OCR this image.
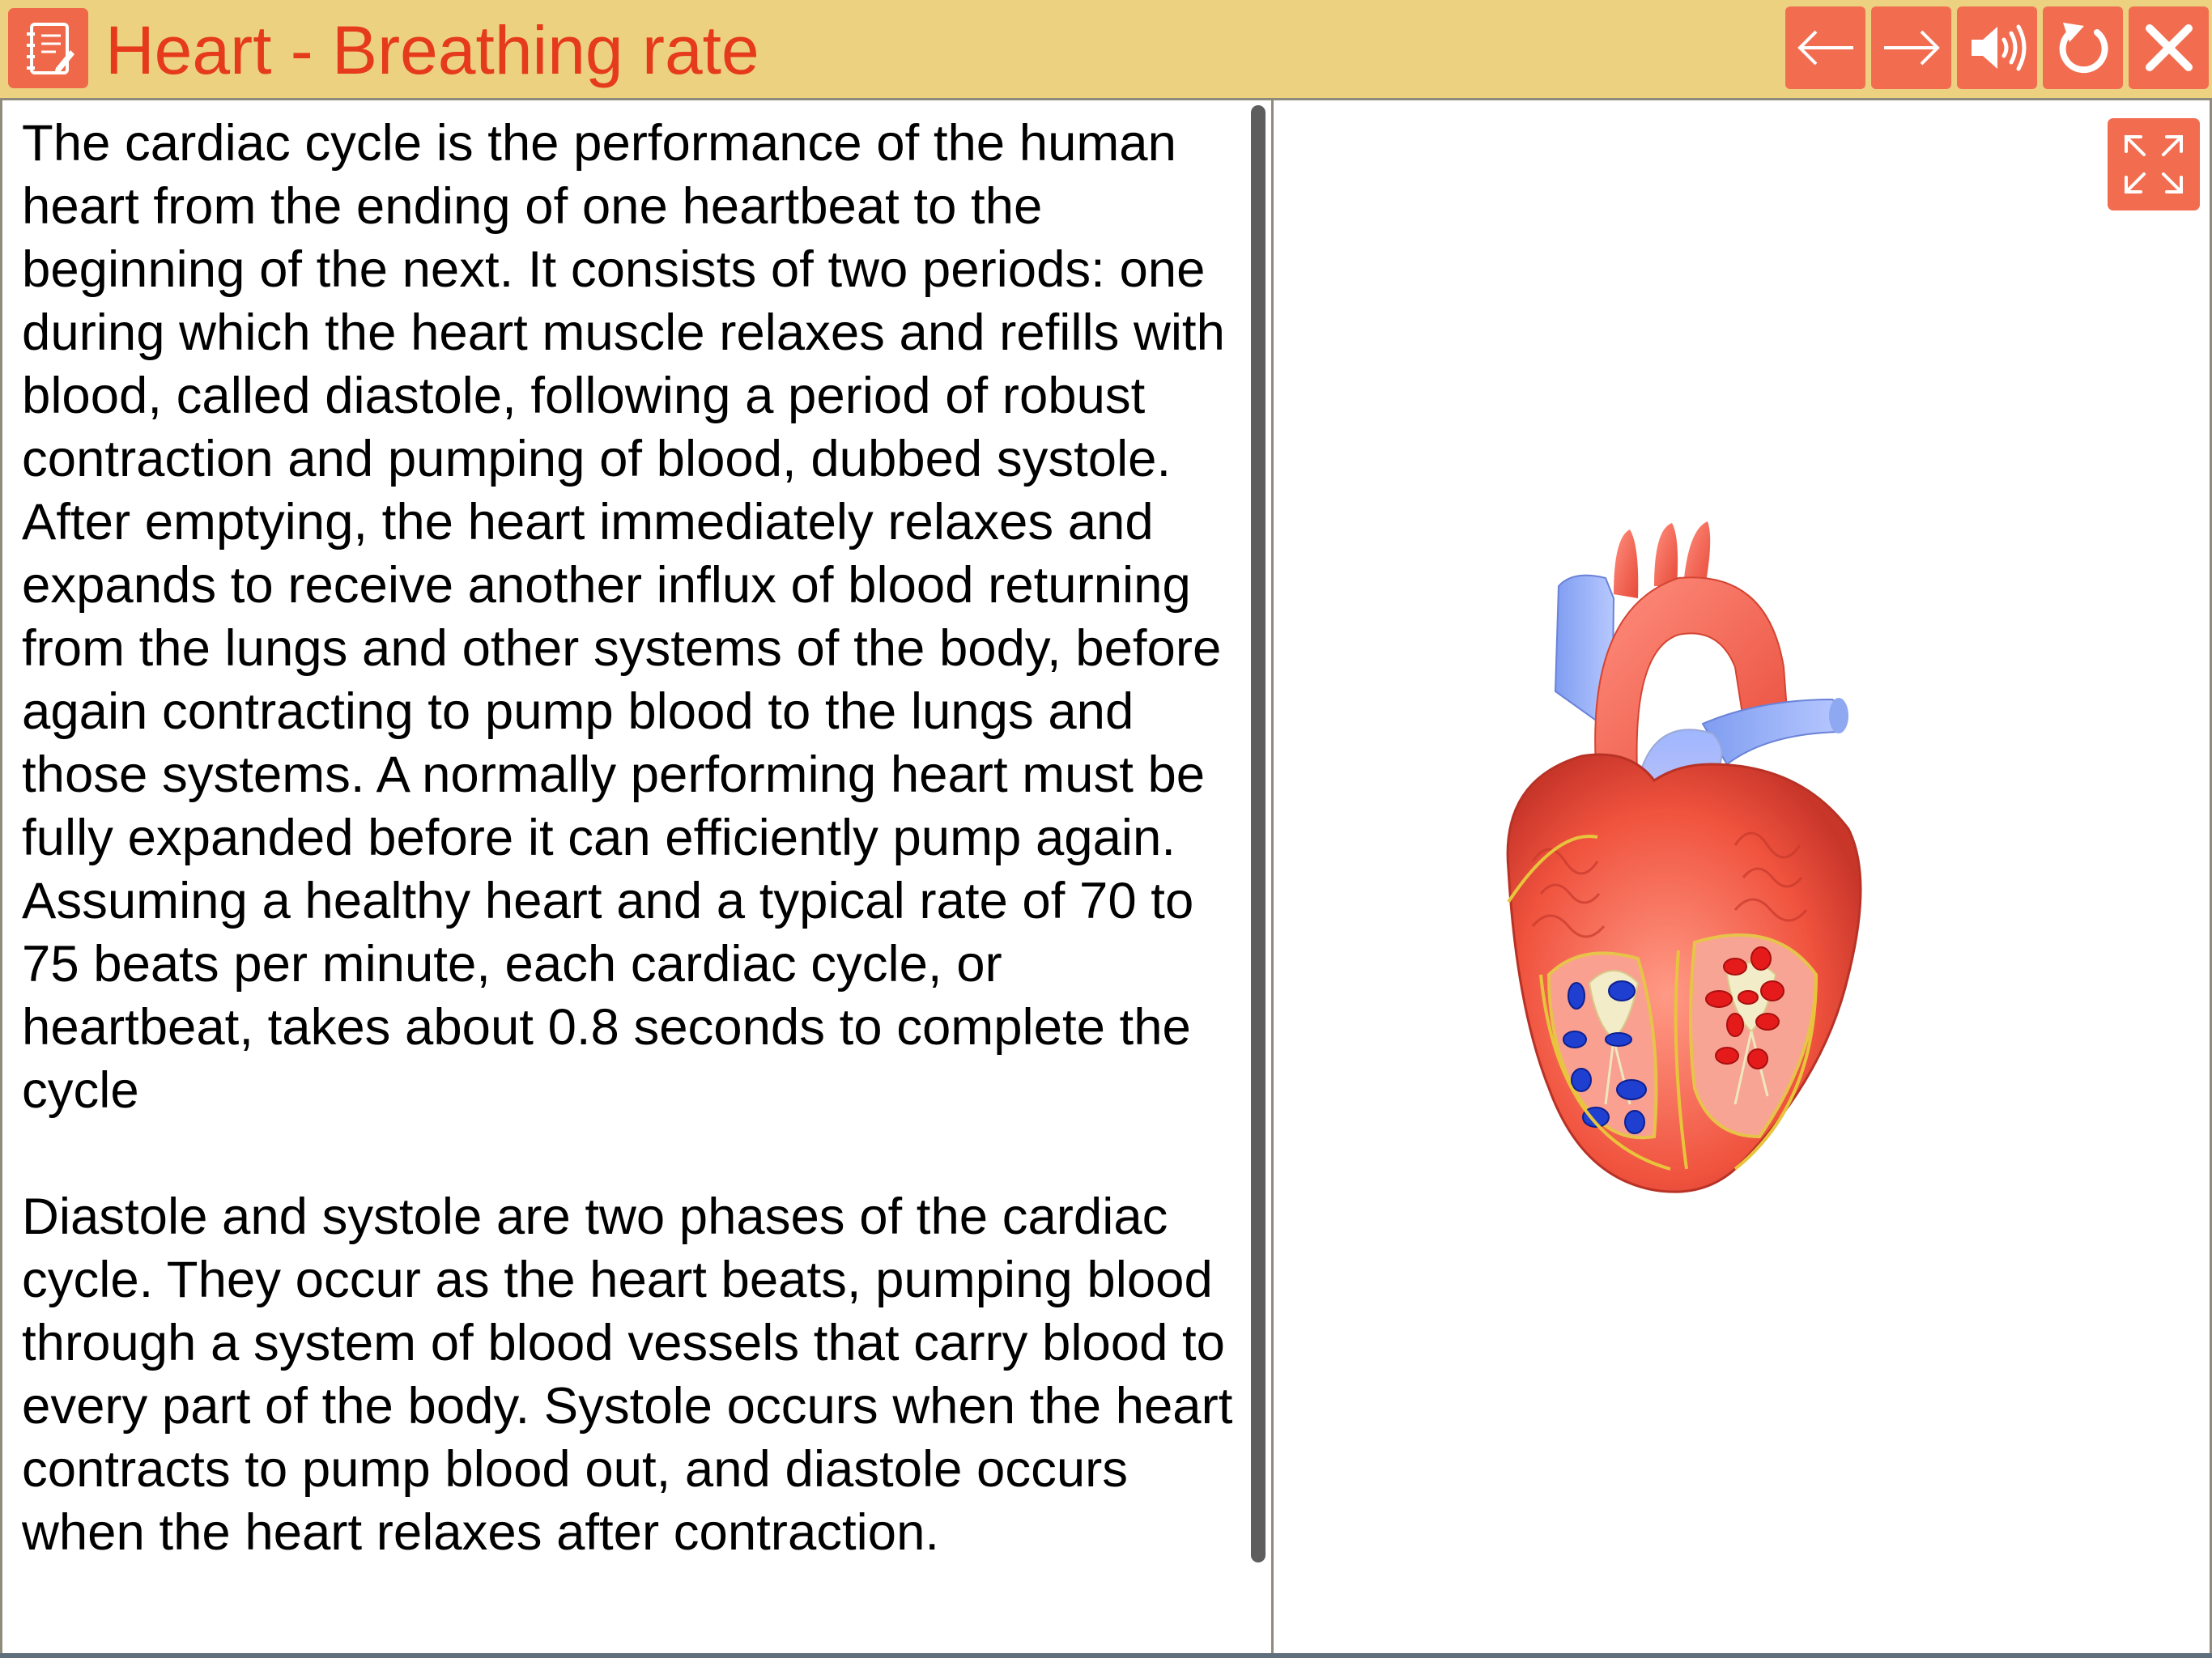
Heart - Breathing rate

The cardiac cycle is the performance of the human heart from the ending of one heartbeat to the beginning of the next. It consists of two periods: one during which the heart muscle relaxes and refills with blood, called diastole, following a period of robust contraction and pumping of blood, dubbed systole. After emptying, the heart immediately relaxes and expands to receive another influx of blood returning from the lungs and other systems of the body, before again contracting to pump blood to the lungs and those systems. A normally performing heart must be fully expanded before it can efficiently pump again. Assuming a healthy heart and a typical rate of 70 to 75 beats per minute, each cardiac cycle, or heartbeat, takes about 0.8 seconds to complete the cycle

Diastole and systole are two phases of the cardiac cycle. They occur as the heart beats, pumping blood through a system of blood vessels that carry blood to every part of the body. Systole occurs when the heart contracts to pump blood out, and diastole occurs when the heart relaxes after contraction.
